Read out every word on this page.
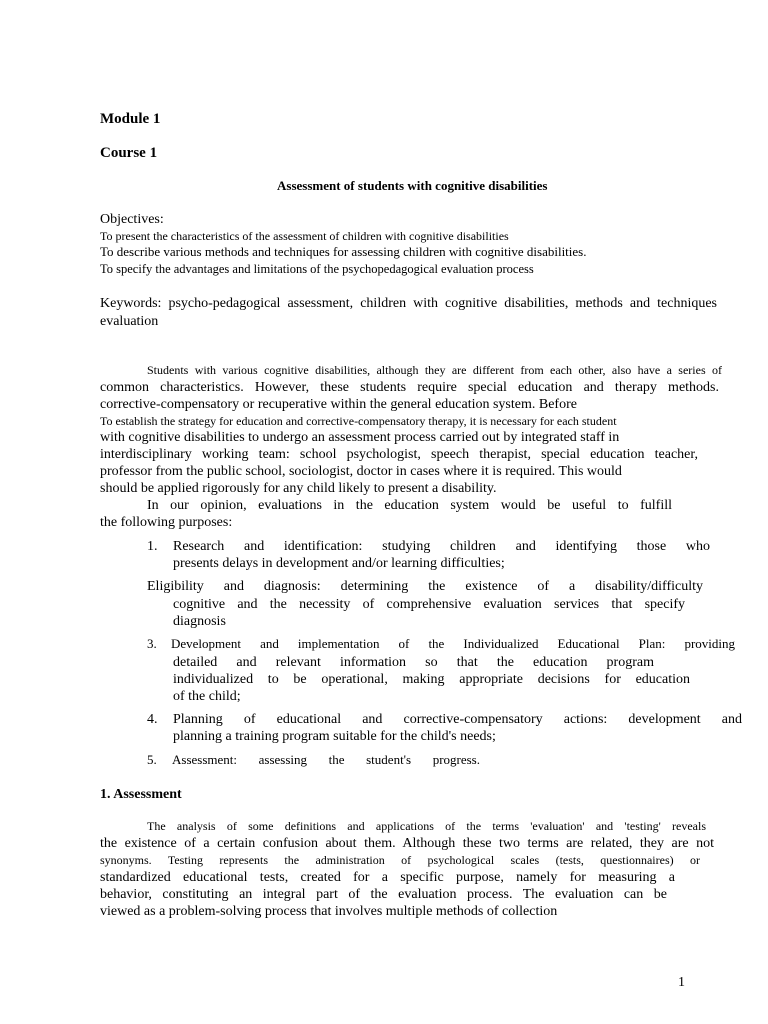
Module 1
Course 1
Assessment of students with cognitive disabilities
Objectives:
To present the characteristics of the assessment of children with cognitive disabilities
To describe various methods and techniques for assessing children with cognitive disabilities.
To specify the advantages and limitations of the psychopedagogical evaluation process
Keywords: psycho-pedagogical assessment, children with cognitive disabilities, methods and techniques
evaluation
Students with various cognitive disabilities, although they are different from each other, also have a series of
common characteristics. However, these students require special education and therapy methods.
corrective-compensatory or recuperative within the general education system. Before
To establish the strategy for education and corrective-compensatory therapy, it is necessary for each student
with cognitive disabilities to undergo an assessment process carried out by integrated staff in
interdisciplinary working team: school psychologist, speech therapist, special education teacher,
professor from the public school, sociologist, doctor in cases where it is required. This would
should be applied rigorously for any child likely to present a disability.
In our opinion, evaluations in the education system would be useful to fulfill
the following purposes:
1. Research and identification: studying children and identifying those who
presents delays in development and/or learning difficulties;
Eligibility and diagnosis: determining the existence of a disability/difficulty
cognitive and the necessity of comprehensive evaluation services that specify
diagnosis
3. Development and implementation of the Individualized Educational Plan: providing
detailed and relevant information so that the education program
individualized to be operational, making appropriate decisions for education
of the child;
4. Planning of educational and corrective-compensatory actions: development and
planning a training program suitable for the child's needs;
5. Assessment: assessing the student's progress.
1. Assessment
The analysis of some definitions and applications of the terms 'evaluation' and 'testing' reveals
the existence of a certain confusion about them. Although these two terms are related, they are not
synonyms. Testing represents the administration of psychological scales (tests, questionnaires) or
standardized educational tests, created for a specific purpose, namely for measuring a
behavior, constituting an integral part of the evaluation process. The evaluation can be
viewed as a problem-solving process that involves multiple methods of collection
1
